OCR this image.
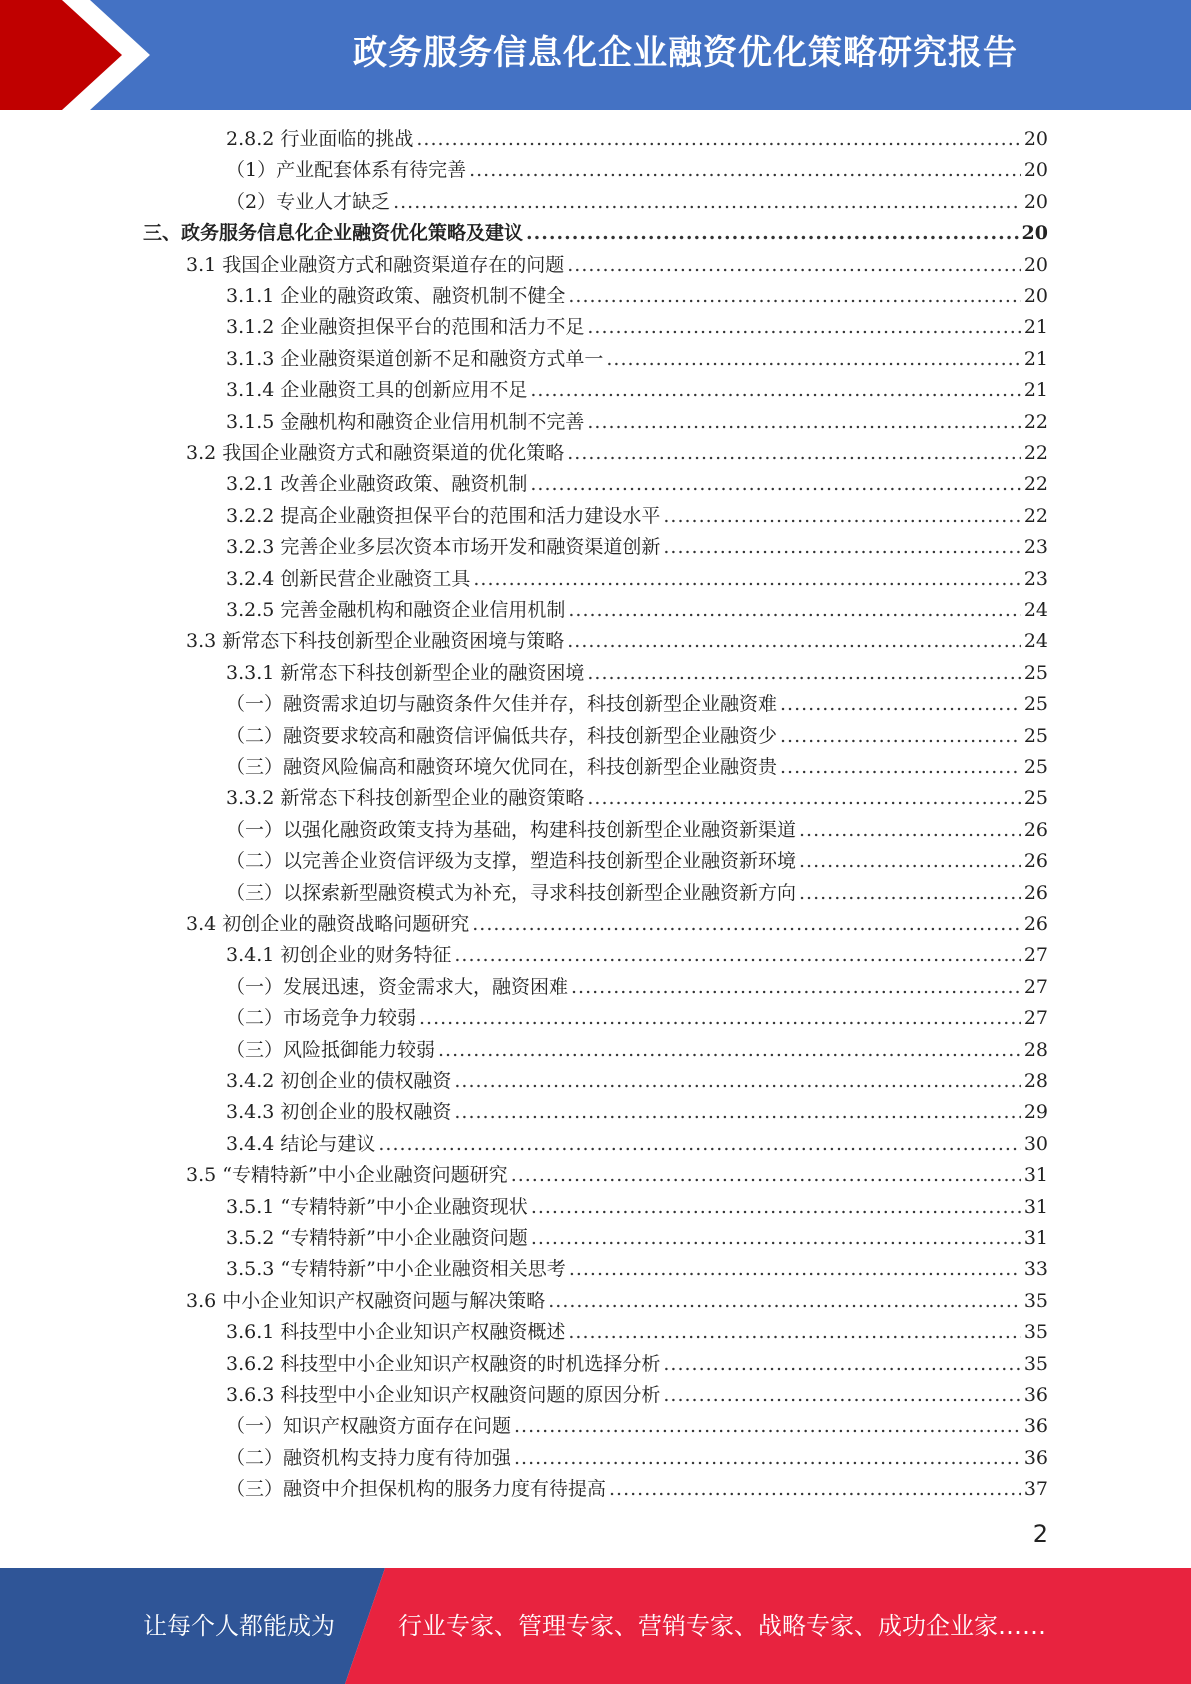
政务服务信息化企业融资优化策略研究报告
2.8.2 行业面临的挑战 .....	20
（1）产业配套体系有待完善 .....	20
（2）专业人才缺乏 .....	20
三、政务服务信息化企业融资优化策略及建议 .....	20
3.1 我国企业融资方式和融资渠道存在的问题 .....	20
3.1.1 企业的融资政策、融资机制不健全 .....	20
3.1.2 企业融资担保平台的范围和活力不足 .....	21
3.1.3 企业融资渠道创新不足和融资方式单一 .....	21
3.1.4 企业融资工具的创新应用不足 .....	21
3.1.5 金融机构和融资企业信用机制不完善 .....	22
3.2 我国企业融资方式和融资渠道的优化策略 .....	22
3.2.1 改善企业融资政策、融资机制 .....	22
3.2.2 提高企业融资担保平台的范围和活力建设水平 .....	22
3.2.3 完善企业多层次资本市场开发和融资渠道创新 .....	23
3.2.4 创新民营企业融资工具 .....	23
3.2.5 完善金融机构和融资企业信用机制 .....	24
3.3 新常态下科技创新型企业融资困境与策略 .....	24
3.3.1 新常态下科技创新型企业的融资困境 .....	25
（一）融资需求迫切与融资条件欠佳并存，科技创新型企业融资难 .....	25
（二）融资要求较高和融资信评偏低共存，科技创新型企业融资少 .....	25
（三）融资风险偏高和融资环境欠优同在，科技创新型企业融资贵 .....	25
3.3.2 新常态下科技创新型企业的融资策略 .....	25
（一）以强化融资政策支持为基础，构建科技创新型企业融资新渠道 .....	26
（二）以完善企业资信评级为支撑，塑造科技创新型企业融资新环境 .....	26
（三）以探索新型融资模式为补充，寻求科技创新型企业融资新方向 .....	26
3.4 初创企业的融资战略问题研究 .....	26
3.4.1 初创企业的财务特征 .....	27
（一）发展迅速，资金需求大，融资困难 .....	27
（二）市场竞争力较弱 .....	27
（三）风险抵御能力较弱 .....	28
3.4.2 初创企业的债权融资 .....	28
3.4.3 初创企业的股权融资 .....	29
3.4.4 结论与建议 .....	30
3.5 “专精特新”中小企业融资问题研究 .....	31
3.5.1 “专精特新”中小企业融资现状 .....	31
3.5.2 “专精特新”中小企业融资问题 .....	31
3.5.3 “专精特新”中小企业融资相关思考 .....	33
3.6 中小企业知识产权融资问题与解决策略 .....	35
3.6.1 科技型中小企业知识产权融资概述 .....	35
3.6.2 科技型中小企业知识产权融资的时机选择分析 .....	35
3.6.3 科技型中小企业知识产权融资问题的原因分析 .....	36
（一）知识产权融资方面存在问题 .....	36
（二）融资机构支持力度有待加强 .....	36
（三）融资中介担保机构的服务力度有待提高 .....	37
2
让每个人都能成为	行业专家、管理专家、营销专家、战略专家、成功企业家……
